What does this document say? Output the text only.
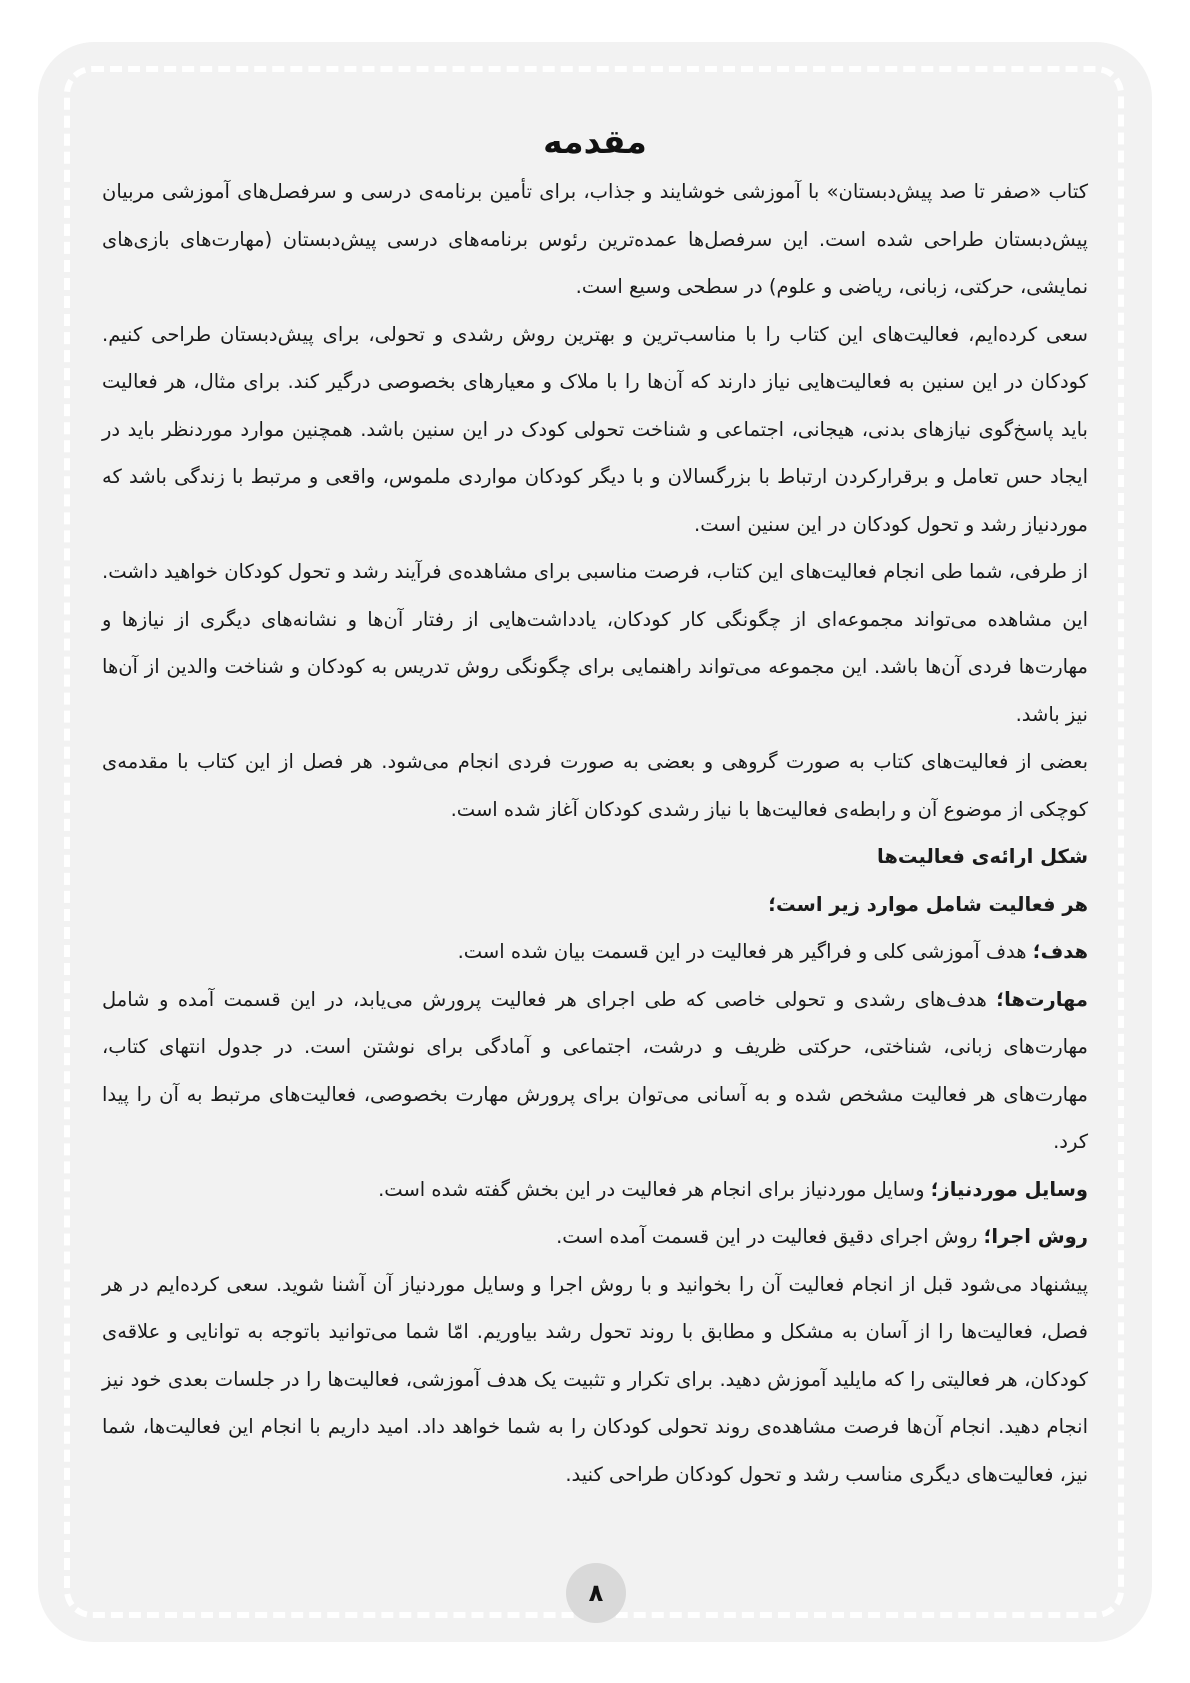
مقدمه

کتاب «صفر تا صد پیش‌دبستان» با آموزشی خوشایند و جذاب، برای تأمین برنامه‌ی درسی و سرفصل‌های آموزشی مربیان پیش‌دبستان طراحی شده است. این سرفصل‌ها عمده‌ترین رئوس برنامه‌های درسی پیش‌دبستان (مهارت‌های بازی‌های نمایشی، حرکتی، زبانی، ریاضی و علوم) در سطحی وسیع است.

سعی کرده‌ایم، فعالیت‌های این کتاب را با مناسب‌ترین و بهترین روش رشدی و تحولی، برای پیش‌دبستان طراحی کنیم. کودکان در این سنین به فعالیت‌هایی نیاز دارند که آن‌ها را با ملاک و معیارهای بخصوصی درگیر کند. برای مثال، هر فعالیت باید پاسخ‌گوی نیازهای بدنی، هیجانی، اجتماعی و شناخت تحولی کودک در این سنین باشد. همچنین موارد موردنظر باید در ایجاد حس تعامل و برقرارکردن ارتباط با بزرگسالان و با دیگر کودکان مواردی ملموس، واقعی و مرتبط با زندگی باشد که موردنیاز رشد و تحول کودکان در این سنین است.

از طرفی، شما طی انجام فعالیت‌های این کتاب، فرصت مناسبی برای مشاهده‌ی فرآیند رشد و تحول کودکان خواهید داشت. این مشاهده می‌تواند مجموعه‌ای از چگونگی کار کودکان، یادداشت‌هایی از رفتار آن‌ها و نشانه‌های دیگری از نیازها و مهارت‌ها فردی آن‌ها باشد. این مجموعه می‌تواند راهنمایی برای چگونگی روش تدریس به کودکان و شناخت والدین از آن‌ها نیز باشد.

بعضی از فعالیت‌های کتاب به صورت گروهی و بعضی به صورت فردی انجام می‌شود. هر فصل از این کتاب با مقدمه‌ی کوچکی از موضوع آن و رابطه‌ی فعالیت‌ها با نیاز رشدی کودکان آغاز شده است.

شکل ارائه‌ی فعالیت‌ها

هر فعالیت شامل موارد زیر است؛

هدف؛ هدف آموزشی کلی و فراگیر هر فعالیت در این قسمت بیان شده است.

مهارت‌ها؛ هدف‌های رشدی و تحولی خاصی که طی اجرای هر فعالیت پرورش می‌یابد، در این قسمت آمده و شامل مهارت‌های زبانی، شناختی، حرکتی ظریف و درشت، اجتماعی و آمادگی برای نوشتن است. در جدول انتهای کتاب، مهارت‌های هر فعالیت مشخص شده و به آسانی می‌توان برای پرورش مهارت بخصوصی، فعالیت‌های مرتبط به آن را پیدا کرد.

وسایل موردنیاز؛ وسایل موردنیاز برای انجام هر فعالیت در این بخش گفته شده است.

روش اجرا؛ روش اجرای دقیق فعالیت در این قسمت آمده است.

پیشنهاد می‌شود قبل از انجام فعالیت آن را بخوانید و با روش اجرا و وسایل موردنیاز آن آشنا شوید. سعی کرده‌ایم در هر فصل، فعالیت‌ها را از آسان به مشکل و مطابق با روند تحول رشد بیاوریم. امّا شما می‌توانید باتوجه به توانایی و علاقه‌ی کودکان، هر فعالیتی را که مایلید آموزش دهید. برای تکرار و تثبیت یک هدف آموزشی، فعالیت‌ها را در جلسات بعدی خود نیز انجام دهید. انجام آن‌ها فرصت مشاهده‌ی روند تحولی کودکان را به شما خواهد داد. امید داریم با انجام این فعالیت‌ها، شما نیز، فعالیت‌های دیگری مناسب رشد و تحول کودکان طراحی کنید.

۸
